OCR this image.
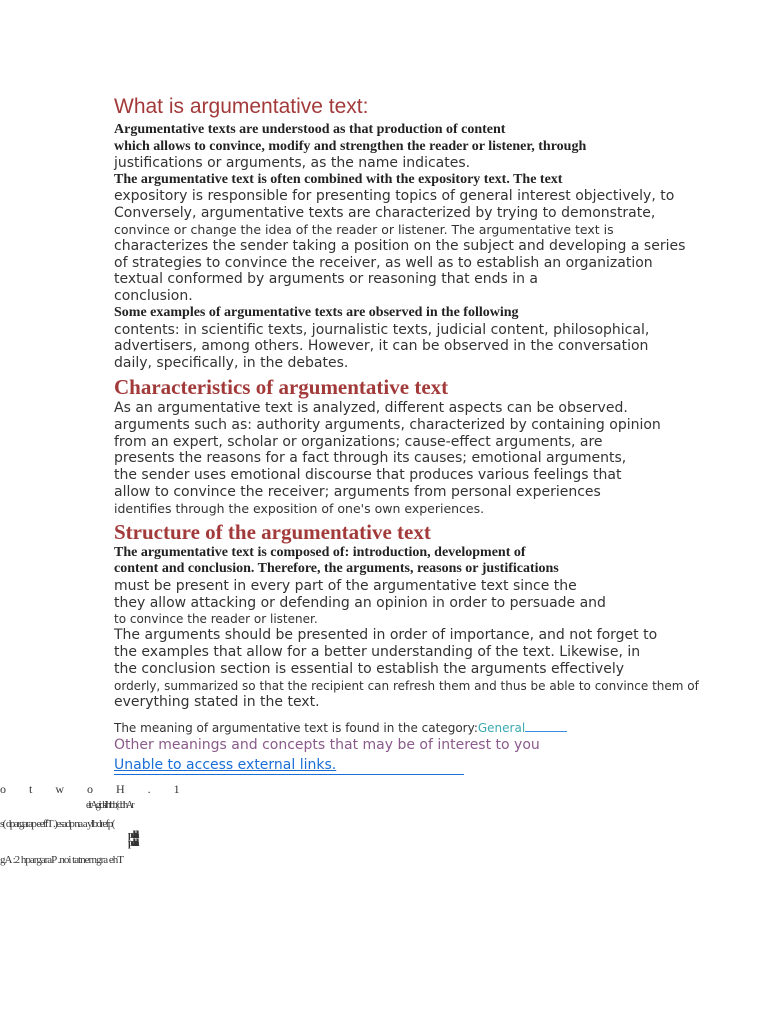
What is argumentative text:
Argumentative texts are understood as that production of content
which allows to convince, modify and strengthen the reader or listener, through
justifications or arguments, as the name indicates.
The argumentative text is often combined with the expository text. The text
expository is responsible for presenting topics of general interest objectively, to
Conversely, argumentative texts are characterized by trying to demonstrate,
convince or change the idea of the reader or listener. The argumentative text is
characterizes the sender taking a position on the subject and developing a series
of strategies to convince the receiver, as well as to establish an organization
textual conformed by arguments or reasoning that ends in a
conclusion.
Some examples of argumentative texts are observed in the following
contents: in scientific texts, journalistic texts, judicial content, philosophical,
advertisers, among others. However, it can be observed in the conversation
daily, specifically, in the debates.
Characteristics of argumentative text
As an argumentative text is analyzed, different aspects can be observed.
arguments such as: authority arguments, characterized by containing opinion
from an expert, scholar or organizations; cause-effect arguments, are
presents the reasons for a fact through its causes; emotional arguments,
the sender uses emotional discourse that produces various feelings that
allow to convince the receiver; arguments from personal experiences
identifies through the exposition of one's own experiences.
Structure of the argumentative text
The argumentative text is composed of: introduction, development of
content and conclusion. Therefore, the arguments, reasons or justifications
must be present in every part of the argumentative text since the
they allow attacking or defending an opinion in order to persuade and
to convince the reader or listener.
The arguments should be presented in order of importance, and not forget to
the examples that allow for a better understanding of the text. Likewise, in
the conclusion section is essential to establish the arguments effectively
orderly, summarized so that the recipient can refresh them and thus be able to convince them of
everything stated in the text.
The meaning of argumentative text is found in the category:General
Other meanings and concepts that may be of interest to you
Unable to access external links.
o t w o H . 1
elrAgidsilhtbb(ddhAr
s( dpargarap eeffT .)esadp na a ylbdrefp(
pdlllaallll
pdlllaallll
gA :2 hpargaraP .noi tatnemgra ehT
